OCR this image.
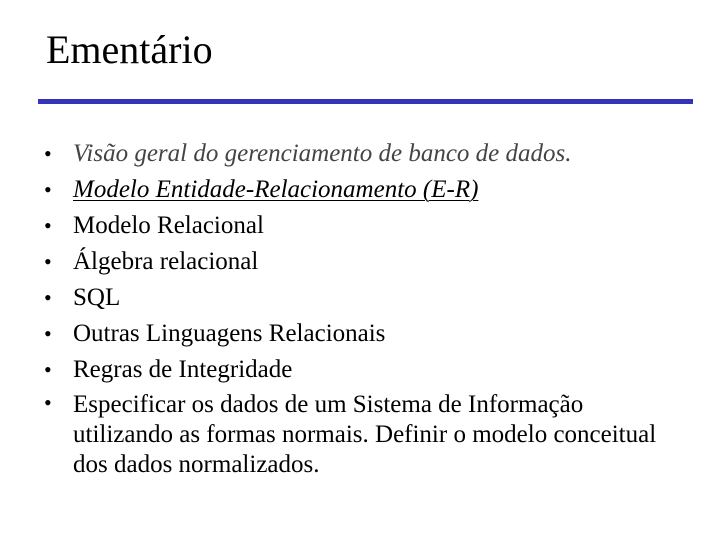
Ementário
• Visão geral do gerenciamento de banco de dados.
• Modelo Entidade-Relacionamento (E-R)
• Modelo Relacional
• Álgebra relacional
• SQL
• Outras Linguagens Relacionais
• Regras de Integridade
• Especificar os dados de um Sistema de Informação utilizando as formas normais. Definir o modelo conceitual dos dados normalizados.
